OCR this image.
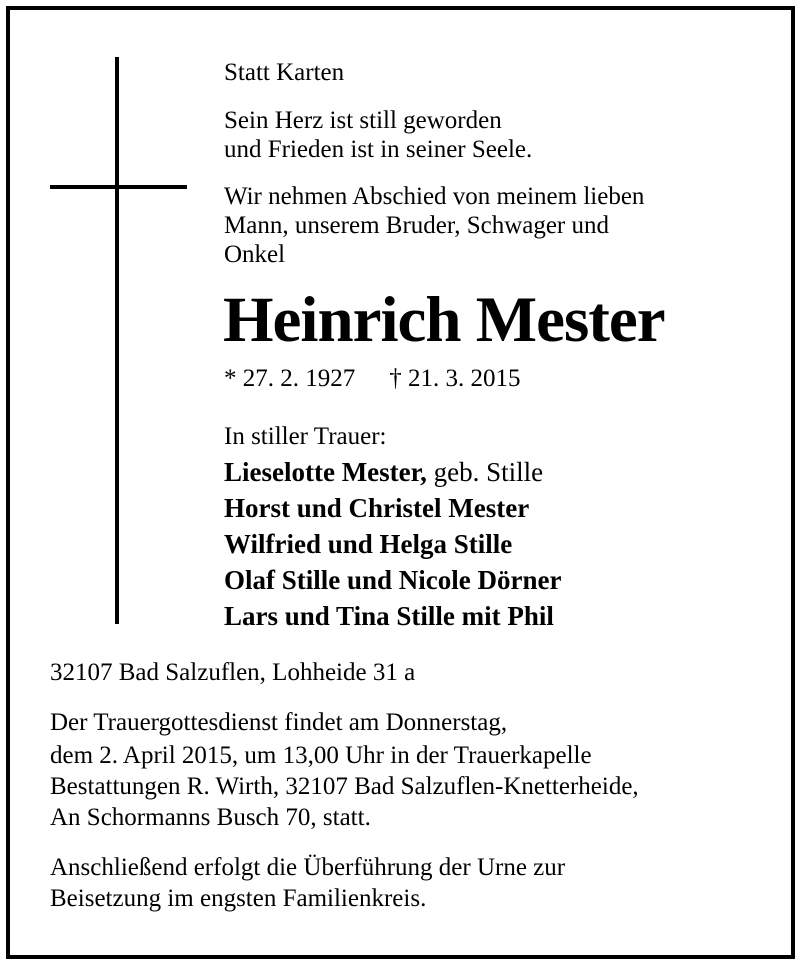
Statt Karten
Sein Herz ist still geworden
und Frieden ist in seiner Seele.
Wir nehmen Abschied von meinem lieben
Mann, unserem Bruder, Schwager und
Onkel
Heinrich Mester
* 27. 2. 1927 † 21. 3. 2015
In stiller Trauer:
Lieselotte Mester, geb. Stille
Horst und Christel Mester
Wilfried und Helga Stille
Olaf Stille und Nicole Dörner
Lars und Tina Stille mit Phil
32107 Bad Salzuflen, Lohheide 31 a
Der Trauergottesdienst findet am Donnerstag,
dem 2. April 2015, um 13,00 Uhr in der Trauerkapelle
Bestattungen R. Wirth, 32107 Bad Salzuflen-Knetterheide,
An Schormanns Busch 70, statt.
Anschließend erfolgt die Überführung der Urne zur
Beisetzung im engsten Familienkreis.
